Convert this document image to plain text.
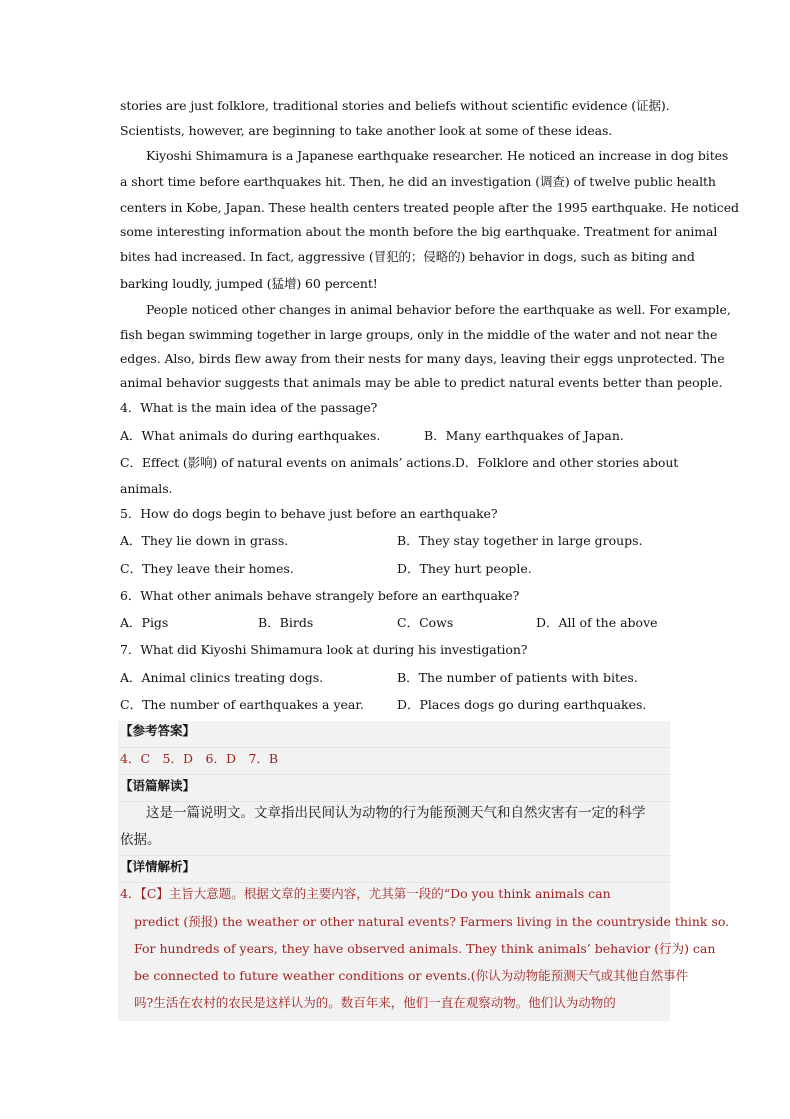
stories are just folklore, traditional stories and beliefs without scientific evidence (证据).
Scientists, however, are beginning to take another look at some of these ideas.
Kiyoshi Shimamura is a Japanese earthquake researcher. He noticed an increase in dog bites
a short time before earthquakes hit. Then, he did an investigation (调查) of twelve public health
centers in Kobe, Japan. These health centers treated people after the 1995 earthquake. He noticed
some interesting information about the month before the big earthquake. Treatment for animal
bites had increased. In fact, aggressive (冒犯的；侵略的) behavior in dogs, such as biting and
barking loudly, jumped (猛增) 60 percent!
People noticed other changes in animal behavior before the earthquake as well. For example,
fish began swimming together in large groups, only in the middle of the water and not near the
edges. Also, birds flew away from their nests for many days, leaving their eggs unprotected. The
animal behavior suggests that animals may be able to predict natural events better than people.
4．What is the main idea of the passage?
A．What animals do during earthquakes.	B．Many earthquakes of Japan.
C．Effect (影响) of natural events on animals’ actions.D．Folklore and other stories about
animals.
5．How do dogs begin to behave just before an earthquake?
A．They lie down in grass.	B．They stay together in large groups.
C．They leave their homes.	D．They hurt people.
6．What other animals behave strangely before an earthquake?
A．Pigs	B．Birds	C．Cows	D．All of the above
7．What did Kiyoshi Shimamura look at during his investigation?
A．Animal clinics treating dogs.	B．The number of patients with bites.
C．The number of earthquakes a year.	D．Places dogs go during earthquakes.
【参考答案】
4．C　5．D　6．D　7．B
【语篇解读】
这是一篇说明文。文章指出民间认为动物的行为能预测天气和自然灾害有一定的科学
依据。
【详情解析】
4．【C】主旨大意题。根据文章的主要内容，尤其第一段的“Do you think animals can
predict (预报) the weather or other natural events? Farmers living in the countryside think so.
For hundreds of years, they have observed animals. They think animals’ behavior (行为) can
be connected to future weather conditions or events.(你认为动物能预测天气或其他自然事件
吗?生活在农村的农民是这样认为的。数百年来，他们一直在观察动物。他们认为动物的
